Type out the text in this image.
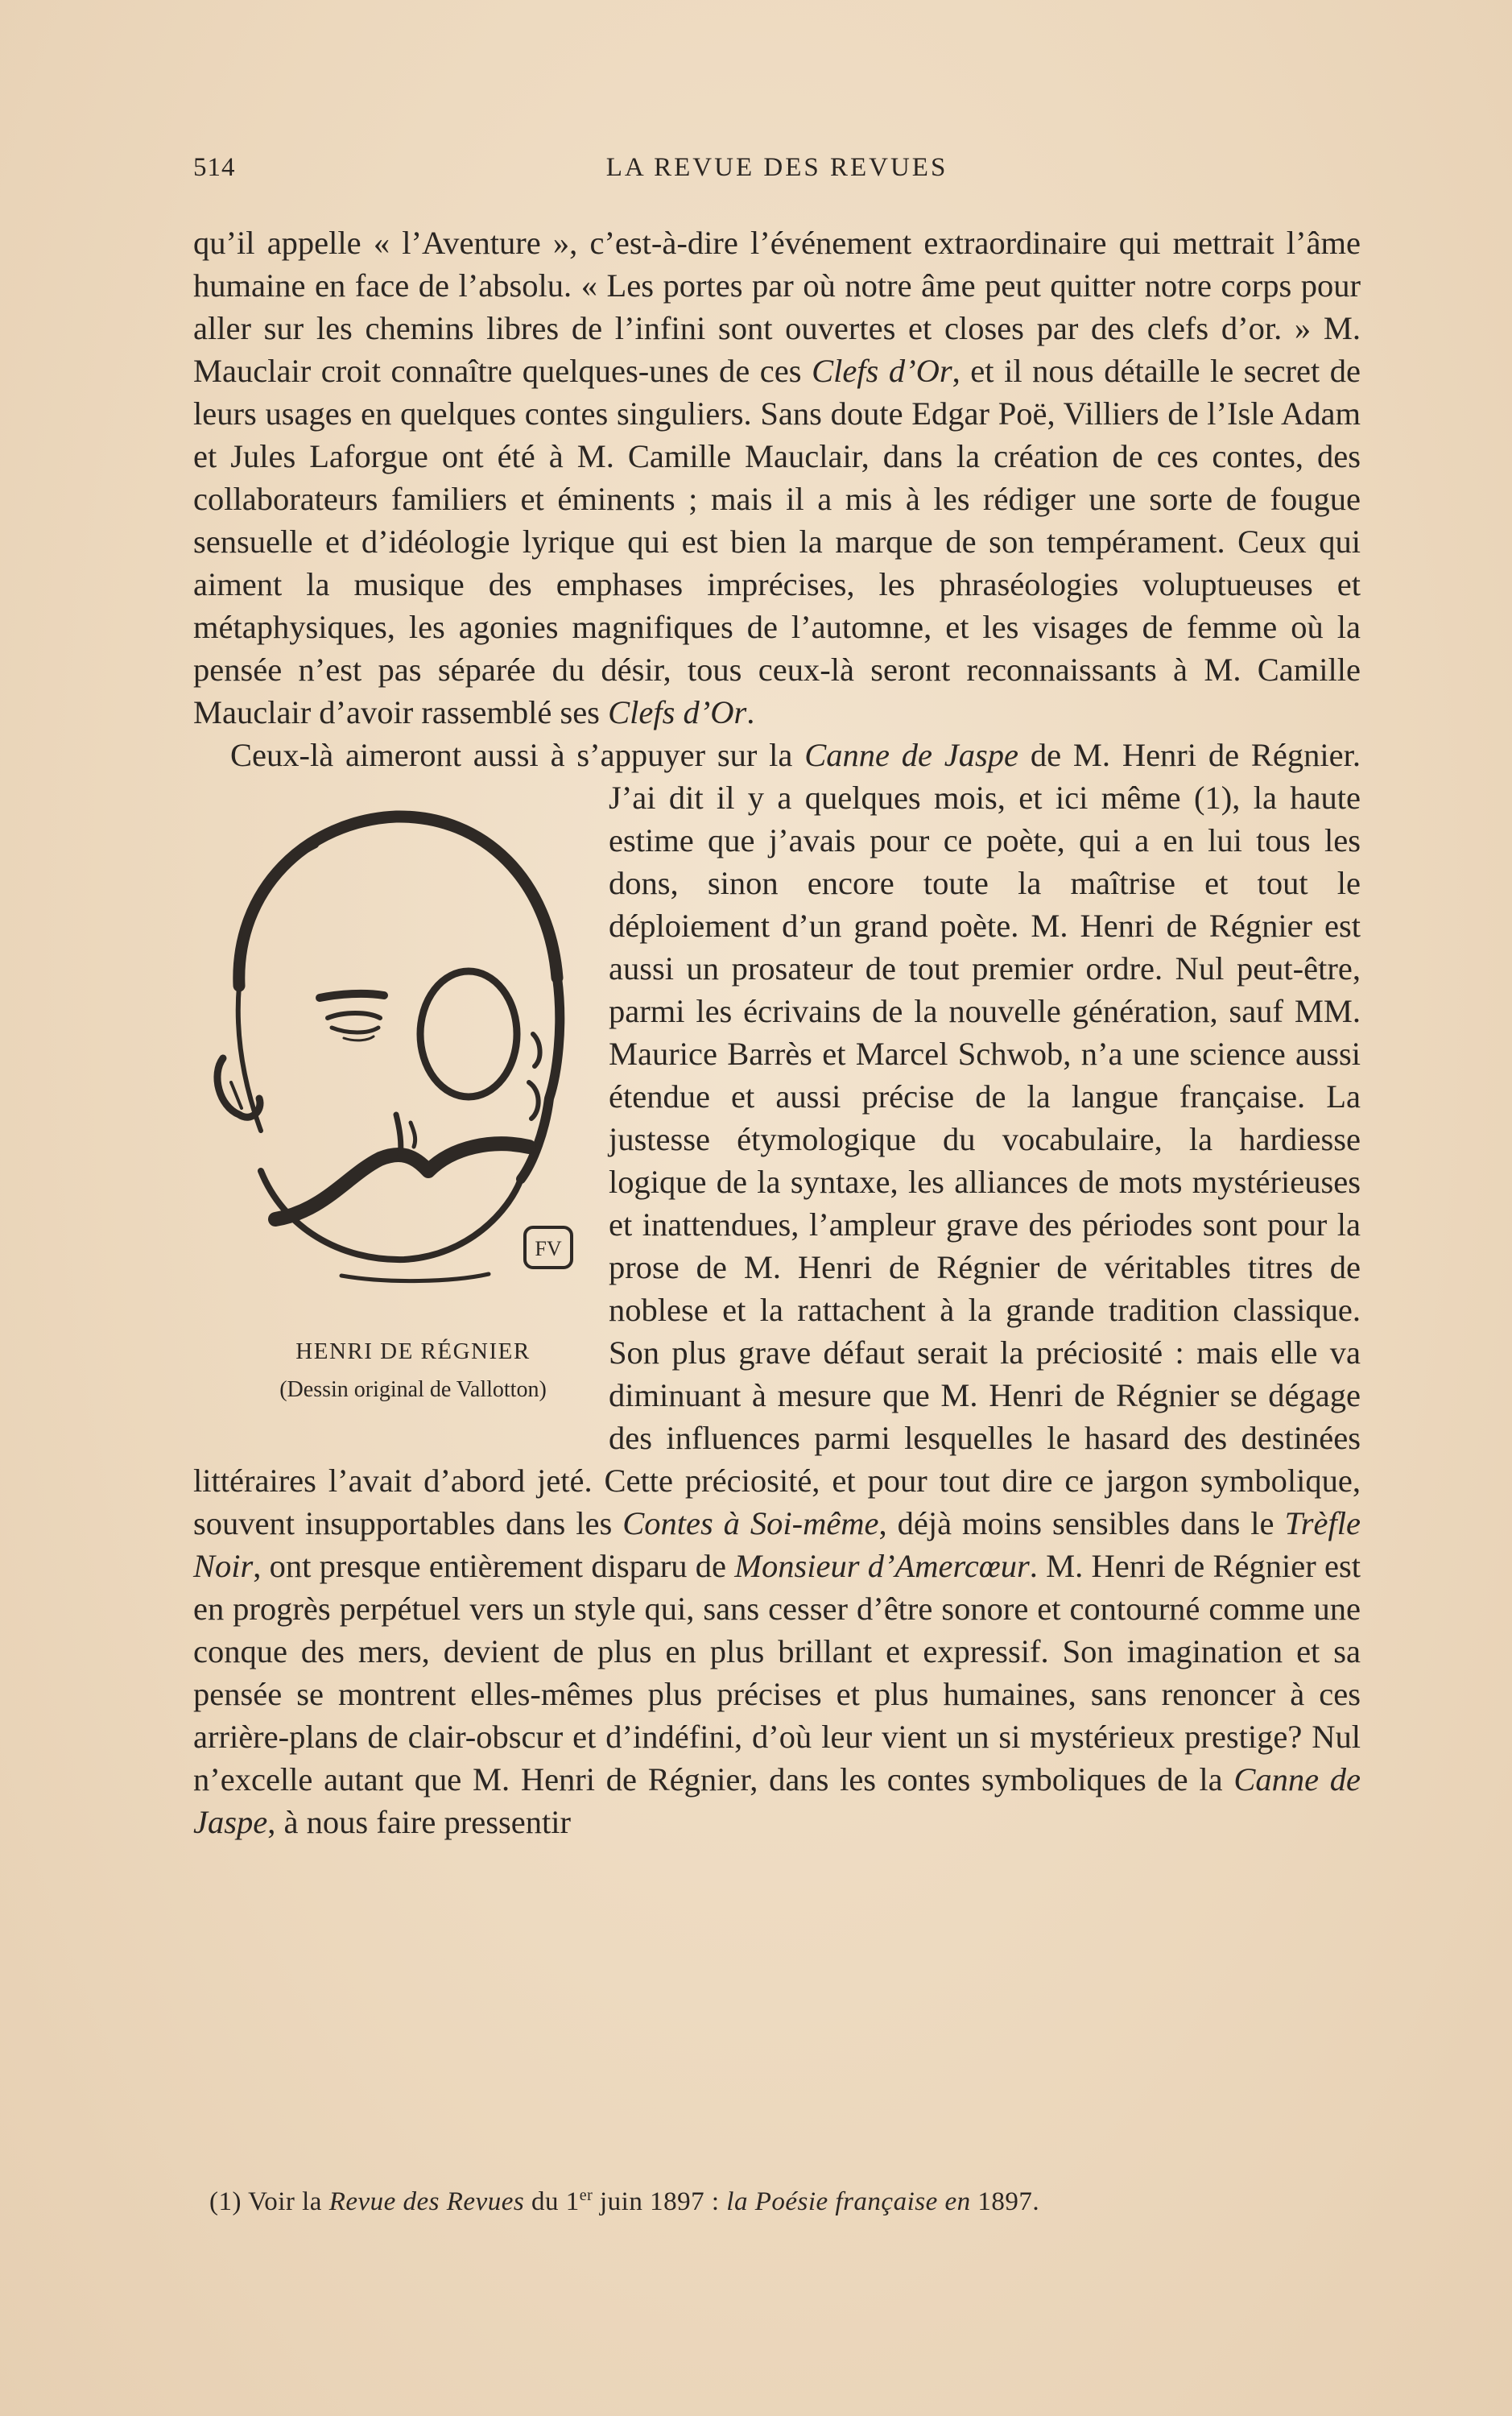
514	LA REVUE DES REVUES

qu’il appelle « l’Aventure », c’est-à-dire l’événement extraordinaire qui mettrait l’âme humaine en face de l’absolu. « Les portes par où notre âme peut quitter notre corps pour aller sur les chemins libres de l’infini sont ouvertes et closes par des clefs d’or. » M. Mauclair croit connaître quelques-unes de ces Clefs d’Or, et il nous détaille le secret de leurs usages en quelques contes singuliers. Sans doute Edgar Poë, Villiers de l’Isle Adam et Jules Laforgue ont été à M. Camille Mauclair, dans la création de ces contes, des collaborateurs familiers et éminents ; mais il a mis à les rédiger une sorte de fougue sensuelle et d’idéologie lyrique qui est bien la marque de son tempérament. Ceux qui aiment la musique des emphases imprécises, les phraséologies voluptueuses et métaphysiques, les agonies magnifiques de l’automne, et les visages de femme où la pensée n’est pas séparée du désir, tous ceux-là seront reconnaissants à M. Camille Mauclair d’avoir rassemblé ses Clefs d’Or.

Ceux-là aimeront aussi à s’appuyer sur la Canne de Jaspe
FV
HENRI DE RÉGNIER
(Dessin original de Vallotton)
de M. Henri de Régnier. J’ai dit il y a quelques mois, et ici même (1), la haute estime que j’avais pour ce poète, qui a en lui tous les dons, sinon encore toute la maîtrise et tout le déploiement d’un grand poète. M. Henri de Régnier est aussi un prosateur de tout premier ordre. Nul peut-être, parmi les écrivains de la nouvelle génération, sauf MM. Maurice Barrès et Marcel Schwob, n’a une science aussi étendue et aussi précise de la langue française. La justesse étymologique du vocabulaire, la hardiesse logique de la syntaxe, les alliances de mots mystérieuses et inattendues, l’ampleur grave des périodes sont pour la prose de M. Henri de Régnier de véritables titres de noblese et la rattachent à la grande tradition classique. Son plus grave défaut serait la préciosité : mais elle va diminuant à mesure que M. Henri de Régnier se dégage des influences parmi lesquelles le hasard des destinées littéraires l’avait d’abord jeté. Cette préciosité, et pour tout dire ce jargon symbolique, souvent insupportables dans les Contes à Soi-même, déjà moins sensibles dans le Trèfle Noir, ont presque entièrement disparu de Monsieur d’Amercœur. M. Henri de Régnier est en progrès perpétuel vers un style qui, sans cesser d’être sonore et contourné comme une conque des mers, devient de plus en plus brillant et expressif. Son imagination et sa pensée se montrent elles-mêmes plus précises et plus humaines, sans renoncer à ces arrière-plans de clair-obscur et d’indéfini, d’où leur vient un si mystérieux prestige? Nul n’excelle autant que M. Henri de Régnier, dans les contes symboliques de la Canne de Jaspe, à nous faire pressentir

(1) Voir la Revue des Revues du 1er juin 1897 : la Poésie française en 1897.
